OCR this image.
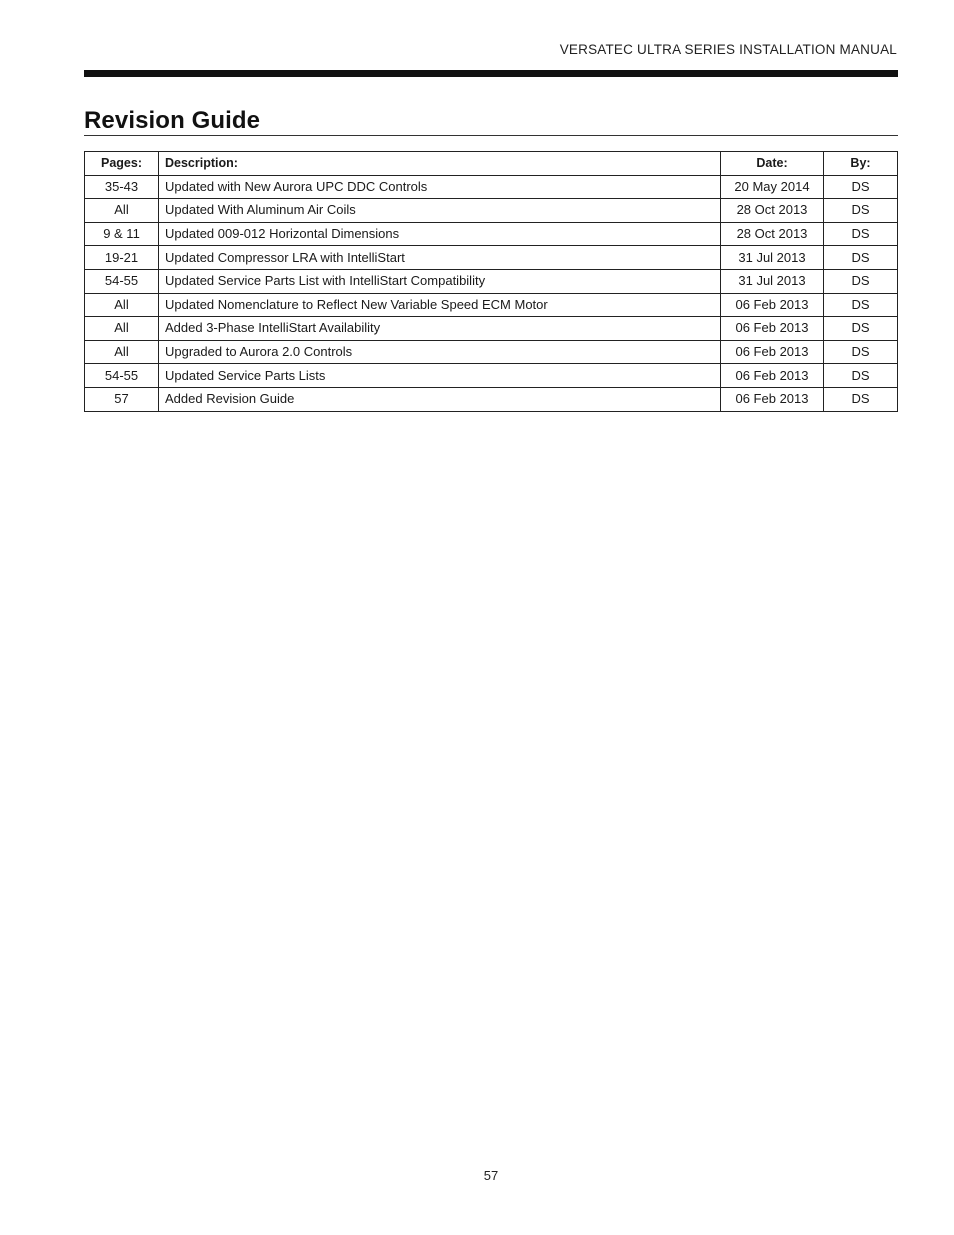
VERSATEC ULTRA SERIES INSTALLATION MANUAL
Revision Guide
Pages:	Description:	Date:	By:
35-43	Updated with New Aurora UPC DDC Controls	20 May 2014	DS
All	Updated With Aluminum Air Coils	28 Oct 2013	DS
9 & 11	Updated 009-012 Horizontal Dimensions	28 Oct 2013	DS
19-21	Updated Compressor LRA with IntelliStart	31 Jul 2013	DS
54-55	Updated Service Parts List with IntelliStart Compatibility	31 Jul 2013	DS
All	Updated Nomenclature to Reflect New Variable Speed ECM Motor	06 Feb 2013	DS
All	Added 3-Phase IntelliStart Availability	06 Feb 2013	DS
All	Upgraded to Aurora 2.0 Controls	06 Feb 2013	DS
54-55	Updated Service Parts Lists	06 Feb 2013	DS
57	Added Revision Guide	06 Feb 2013	DS
57
